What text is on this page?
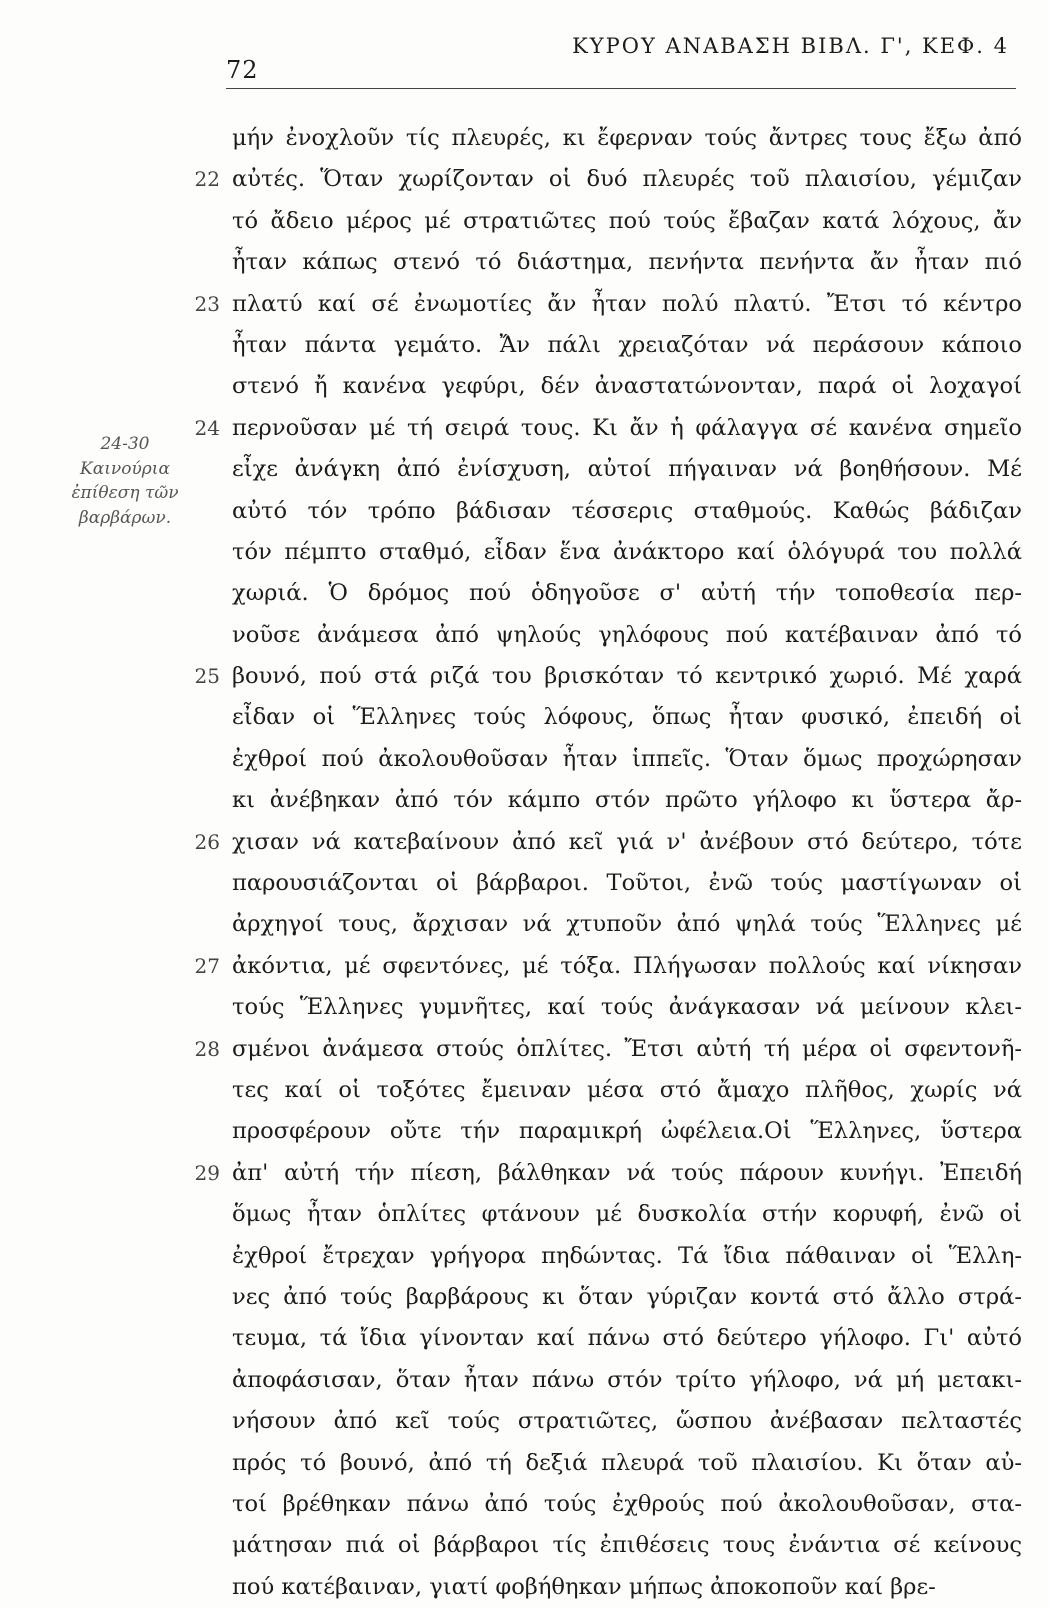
72
ΚΥΡΟΥ ΑΝΑΒΑΣΗ ΒΙΒΛ. Γ', ΚΕΦ. 4
24-30
Καινούρια
ἐπίθεση τῶν
βαρβάρων.
22
23
24
25
26
27
28
29
μήν ἐνοχλοῦν τίς πλευρές, κι ἔφερναν τούς ἄντρες τους ἔξω ἀπό
αὐτές. Ὅταν χωρίζονταν οἱ δυό πλευρές τοῦ πλαισίου, γέμιζαν
τό ἄδειο μέρος μέ στρατιῶτες πού τούς ἔβαζαν κατά λόχους, ἄν
ἦταν κάπως στενό τό διάστημα, πενήντα πενήντα ἄν ἦταν πιό
πλατύ καί σέ ἐνωμοτίες ἄν ἦταν πολύ πλατύ. Ἔτσι τό κέντρο
ἦταν πάντα γεμάτο. Ἄν πάλι χρειαζόταν νά περάσουν κάποιο
στενό ἤ κανένα γεφύρι, δέν ἀναστατώνονταν, παρά οἱ λοχαγοί
περνοῦσαν μέ τή σειρά τους. Κι ἄν ἡ φάλαγγα σέ κανένα σημεῖο
εἶχε ἀνάγκη ἀπό ἐνίσχυση, αὐτοί πήγαιναν νά βοηθήσουν. Μέ
αὐτό τόν τρόπο βάδισαν τέσσερις σταθμούς. Καθώς βάδιζαν
τόν πέμπτο σταθμό, εἶδαν ἕνα ἀνάκτορο καί ὁλόγυρά του πολλά
χωριά. Ὁ δρόμος πού ὁδηγοῦσε σ' αὐτή τήν τοποθεσία περ-
νοῦσε ἀνάμεσα ἀπό ψηλούς γηλόφους πού κατέβαιναν ἀπό τό
βουνό, πού στά ριζά του βρισκόταν τό κεντρικό χωριό. Μέ χαρά
εἶδαν οἱ Ἕλληνες τούς λόφους, ὅπως ἦταν φυσικό, ἐπειδή οἱ
ἐχθροί πού ἀκολουθοῦσαν ἦταν ἱππεῖς. Ὅταν ὅμως προχώρησαν
κι ἀνέβηκαν ἀπό τόν κάμπο στόν πρῶτο γήλοφο κι ὕστερα ἄρ-
χισαν νά κατεβαίνουν ἀπό κεῖ γιά ν' ἀνέβουν στό δεύτερο, τότε
παρουσιάζονται οἱ βάρβαροι. Τοῦτοι, ἐνῶ τούς μαστίγωναν οἱ
ἀρχηγοί τους, ἄρχισαν νά χτυποῦν ἀπό ψηλά τούς Ἕλληνες μέ
ἀκόντια, μέ σφεντόνες, μέ τόξα. Πλήγωσαν πολλούς καί νίκησαν
τούς Ἕλληνες γυμνῆτες, καί τούς ἀνάγκασαν νά μείνουν κλει-
σμένοι ἀνάμεσα στούς ὁπλίτες. Ἔτσι αὐτή τή μέρα οἱ σφεντονῆ-
τες καί οἱ τοξότες ἔμειναν μέσα στό ἄμαχο πλῆθος, χωρίς νά
προσφέρουν οὔτε τήν παραμικρή ὠφέλεια.Οἱ Ἕλληνες, ὕστερα
ἀπ' αὐτή τήν πίεση, βάλθηκαν νά τούς πάρουν κυνήγι. Ἐπειδή
ὅμως ἦταν ὁπλίτες φτάνουν μέ δυσκολία στήν κορυφή, ἐνῶ οἱ
ἐχθροί ἔτρεχαν γρήγορα πηδώντας. Τά ἴδια πάθαιναν οἱ Ἕλλη-
νες ἀπό τούς βαρβάρους κι ὅταν γύριζαν κοντά στό ἄλλο στρά-
τευμα, τά ἴδια γίνονταν καί πάνω στό δεύτερο γήλοφο. Γι' αὐτό
ἀποφάσισαν, ὅταν ἦταν πάνω στόν τρίτο γήλοφο, νά μή μετακι-
νήσουν ἀπό κεῖ τούς στρατιῶτες, ὥσπου ἀνέβασαν πελταστές
πρός τό βουνό, ἀπό τή δεξιά πλευρά τοῦ πλαισίου. Κι ὅταν αὐ-
τοί βρέθηκαν πάνω ἀπό τούς ἐχθρούς πού ἀκολουθοῦσαν, στα-
μάτησαν πιά οἱ βάρβαροι τίς ἐπιθέσεις τους ἐνάντια σέ κείνους
πού κατέβαιναν, γιατί φοβήθηκαν μήπως ἀποκοποῦν καί βρε-
